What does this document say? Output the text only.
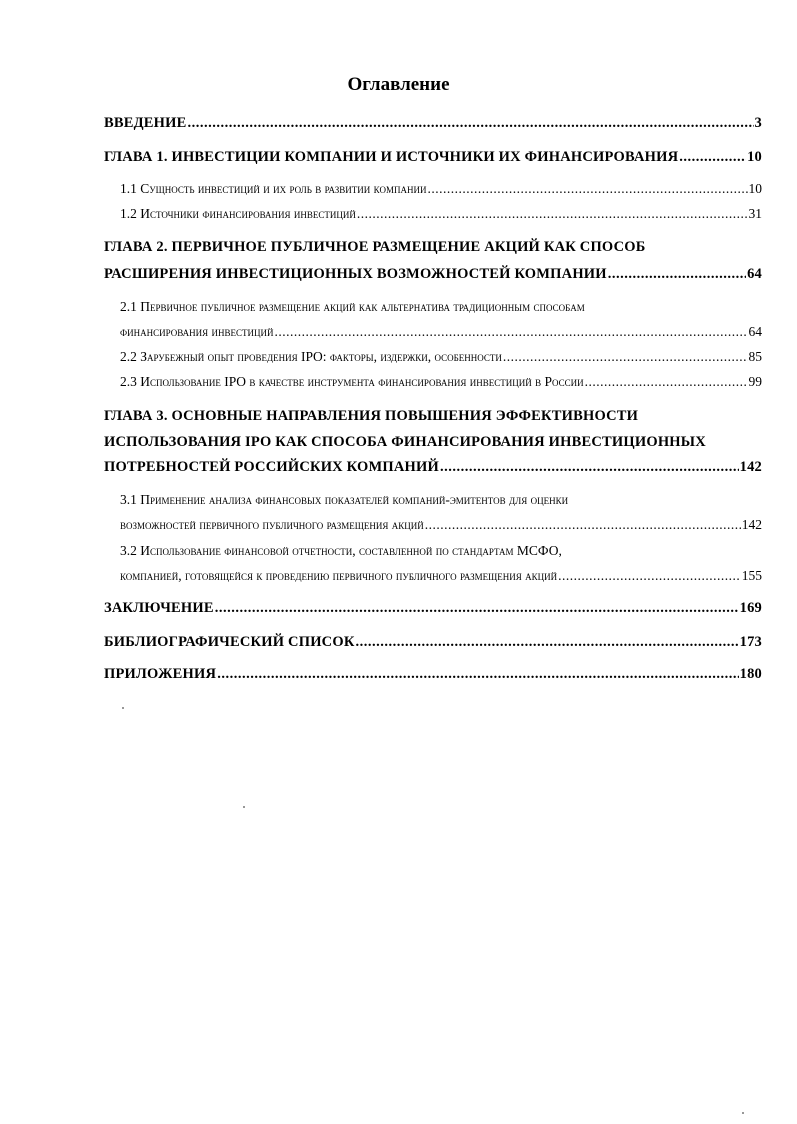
Оглавление
ВВЕДЕНИЕ .....	3
ГЛАВА 1. ИНВЕСТИЦИИ КОМПАНИИ И ИСТОЧНИКИ ИХ ФИНАНСИРОВАНИЯ .....	10
1.1 Сущность инвестиций и их роль в развитии компании .....	10
1.2 Источники финансирования инвестиций .....	31
ГЛАВА 2. ПЕРВИЧНОЕ ПУБЛИЧНОЕ РАЗМЕЩЕНИЕ АКЦИЙ КАК СПОСОБ
РАСШИРЕНИЯ ИНВЕСТИЦИОННЫХ ВОЗМОЖНОСТЕЙ КОМПАНИИ .....	64
2.1 Первичное публичное размещение акций как альтернатива традиционным способам
финансирования инвестиций .....	64
2.2 Зарубежный опыт проведения IPO: факторы, издержки, особенности .....	85
2.3 Использование IPO в качестве инструмента финансирования инвестиций в России .....	99
ГЛАВА 3. ОСНОВНЫЕ НАПРАВЛЕНИЯ ПОВЫШЕНИЯ ЭФФЕКТИВНОСТИ
ИСПОЛЬЗОВАНИЯ IPO КАК СПОСОБА ФИНАНСИРОВАНИЯ ИНВЕСТИЦИОННЫХ
ПОТРЕБНОСТЕЙ РОССИЙСКИХ КОМПАНИЙ .....	142
3.1 Применение анализа финансовых показателей компаний-эмитентов для оценки
возможностей первичного публичного размещения акций .....	142
3.2 Использование финансовой отчетности, составленной по стандартам МСФО,
компанией, готовящейся к проведению первичного публичного размещения акций .....	155
ЗАКЛЮЧЕНИЕ .....	169
БИБЛИОГРАФИЧЕСКИЙ СПИСОК .....	173
ПРИЛОЖЕНИЯ .....	180
